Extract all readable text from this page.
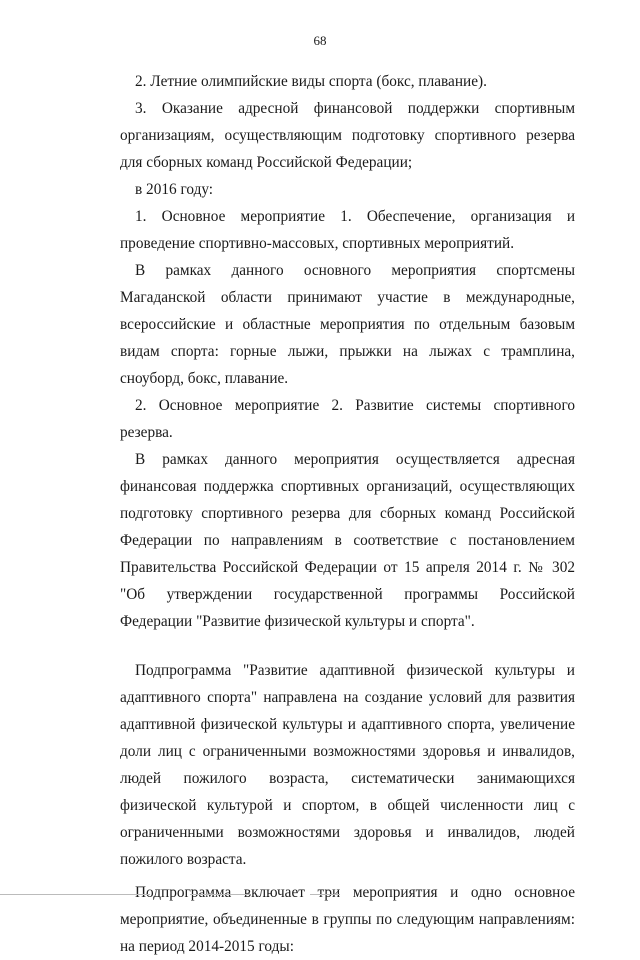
68

2. Летние олимпийские виды спорта (бокс, плавание).

3. Оказание адресной финансовой поддержки спортивным организациям, осуществляющим подготовку спортивного резерва для сборных команд Российской Федерации;

в 2016 году:

1. Основное мероприятие 1. Обеспечение, организация и проведение спортивно-массовых, спортивных мероприятий.

В рамках данного основного мероприятия спортсмены Магаданской области принимают участие в международные, всероссийские и областные мероприятия по отдельным базовым видам спорта: горные лыжи, прыжки на лыжах с трамплина, сноуборд, бокс, плавание.

2. Основное мероприятие 2. Развитие системы спортивного резерва.

В рамках данного мероприятия осуществляется адресная финансовая поддержка спортивных организаций, осуществляющих подготовку спортивного резерва для сборных команд Российской Федерации по направлениям в соответствие с постановлением Правительства Российской Федерации от 15 апреля 2014 г. № 302 "Об утверждении государственной программы Российской Федерации "Развитие физической культуры и спорта".

Подпрограмма "Развитие адаптивной физической культуры и адаптивного спорта" направлена на создание условий для развития адаптивной физической культуры и адаптивного спорта, увеличение доли лиц с ограниченными возможностями здоровья и инвалидов, людей пожилого возраста, систематически занимающихся физической культурой и спортом, в общей численности лиц с ограниченными возможностями здоровья и инвалидов, людей пожилого возраста.

Подпрограмма включает три мероприятия и одно основное мероприятие, объединенные в группы по следующим направлениям: на период 2014-2015 годы:
